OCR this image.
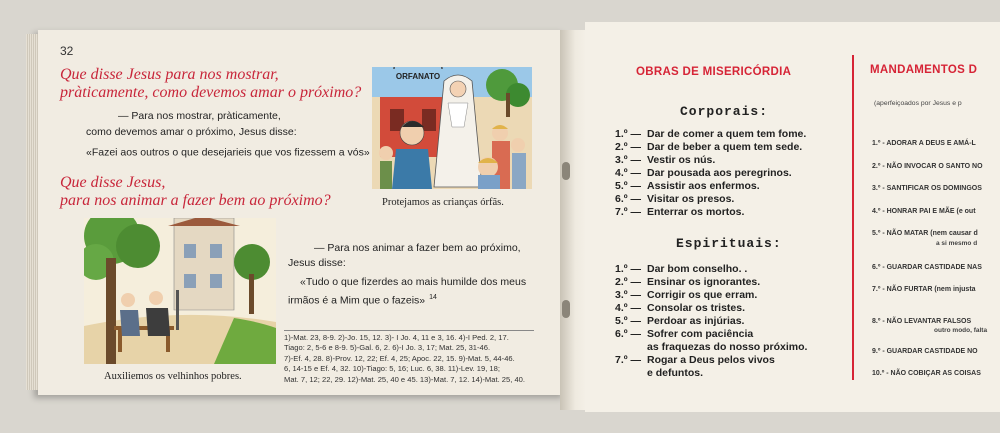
32

Que disse Jesus para nos mostrar,

pràticamente, como devemos amar o próximo?

— Para nos mostrar, pràticamente,
como devemos amar o próximo, Jesus disse:
«Fazei aos outros o que desejarieis que vos fizessem a vós»

Que disse Jesus,

para nos animar a fazer bem ao próximo?

— Para nos animar a fazer bem ao próximo,
Jesus disse:
«Tudo o que fizerdes ao mais humilde dos meus
irmãos é a Mim que o fazeis» $^{14}$
ORFANATO
Protejamos as crianças órfãs.
Auxiliemos os velhinhos pobres.
1)-Mat. 23, 8-9. 2)-Jo. 15, 12. 3)- I Jo. 4, 11 e 3, 16. 4)-I Ped. 2, 17.
Tiago: 2, 5-6 e 8-9. 5)-Gal. 6, 2. 6)-I Jo. 3, 17; Mat. 25, 31-46.
7)-Ef. 4, 28. 8)-Prov. 12, 22; Ef. 4, 25; Apoc. 22, 15. 9)-Mat. 5, 44-46.
6, 14-15 e Ef. 4, 32. 10)-Tiago: 5, 16; Luc. 6, 38. 11)-Lev. 19, 18;
Mat. 7, 12; 22, 29. 12)-Mat. 25, 40 e 45. 13)-Mat. 7, 12. 14)-Mat. 25, 40.
OBRAS DE MISERICÓRDIA
Corporais:
1.º — Dar de comer a quem tem fome.
2.º — Dar de beber a quem tem sede.
3.º — Vestir os nús.
4.º — Dar pousada aos peregrinos.
5.º — Assistir aos enfermos.
6.º — Visitar os presos.
7.º — Enterrar os mortos.
Espirituais:
1.º — Dar bom conselho. .
2.º — Ensinar os ignorantes.
3.º — Corrigir os que erram.
4.º — Consolar os tristes.
5.º — Perdoar as injúrias.
6.º — Sofrer com paciência
as fraquezas do nosso próximo.
7.º — Rogar a Deus pelos vivos
e defuntos.
MANDAMENTOS D
(aperfeiçoados por Jesus e p
1.º - ADORAR A DEUS E AMÁ-L
2.º - NÃO INVOCAR O SANTO NO
3.º - SANTIFICAR OS DOMINGOS
4.º - HONRAR PAI E MÃE (e out
5.º - NÃO MATAR (nem causar d
6.º - GUARDAR CASTIDADE NAS
7.º - NÃO FURTAR (nem injusta
8.º - NÃO LEVANTAR FALSOS
9.º - GUARDAR CASTIDADE NO
10.º - NÃO COBIÇAR AS COISAS
a si mesmo d
outro modo, falta
